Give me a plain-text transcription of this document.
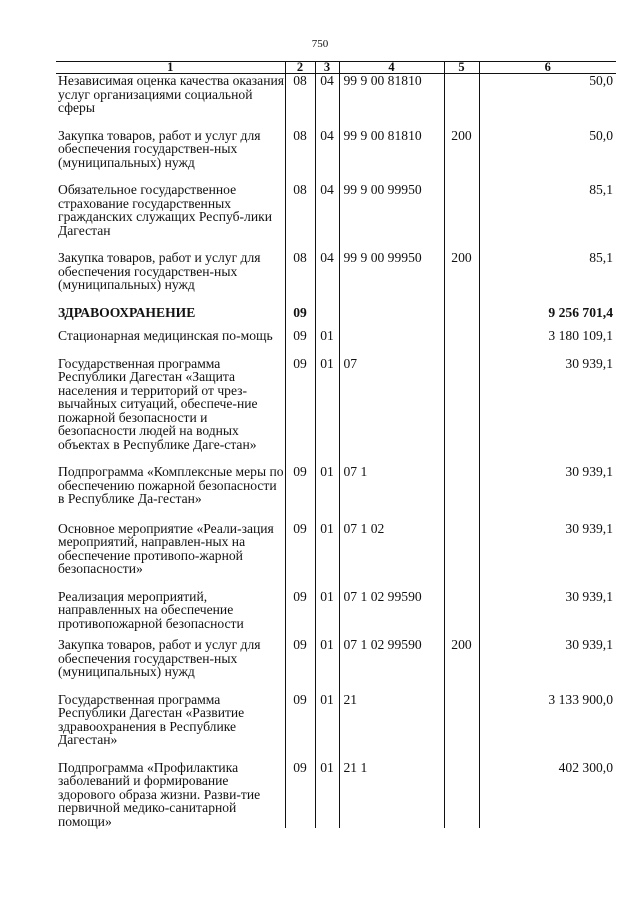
750
1	2	3	4	5	6
Независимая оценка качества оказания услуг организациями социальной сферы	08	04	99 9 00 81810		50,0
Закупка товаров, работ и услуг для обеспечения государствен-ных (муниципальных) нужд	08	04	99 9 00 81810	200	50,0
Обязательное государственное страхование государственных гражданских служащих Респуб-лики Дагестан	08	04	99 9 00 99950		85,1
Закупка товаров, работ и услуг для обеспечения государствен-ных (муниципальных) нужд	08	04	99 9 00 99950	200	85,1
ЗДРАВООХРАНЕНИЕ	09				9 256 701,4
Стационарная медицинская по-мощь	09	01			3 180 109,1
Государственная программа Республики Дагестан «Защита населения и территорий от чрез-вычайных ситуаций, обеспече-ние пожарной безопасности и безопасности людей на водных объектах в Республике Даге-стан»	09	01	07		30 939,1
Подпрограмма «Комплексные меры по обеспечению пожарной безопасности в Республике Да-гестан»	09	01	07 1		30 939,1
Основное мероприятие «Реали-зация мероприятий, направлен-ных на обеспечение противопо-жарной безопасности»	09	01	07 1 02		30 939,1
Реализация мероприятий, направленных на обеспечение противопожарной безопасности	09	01	07 1 02 99590		30 939,1
Закупка товаров, работ и услуг для обеспечения государствен-ных (муниципальных) нужд	09	01	07 1 02 99590	200	30 939,1
Государственная программа Республики Дагестан «Развитие здравоохранения в Республике Дагестан»	09	01	21		3 133 900,0
Подпрограмма «Профилактика заболеваний и формирование здорового образа жизни. Разви-тие первичной медико-санитарной помощи»	09	01	21 1		402 300,0
